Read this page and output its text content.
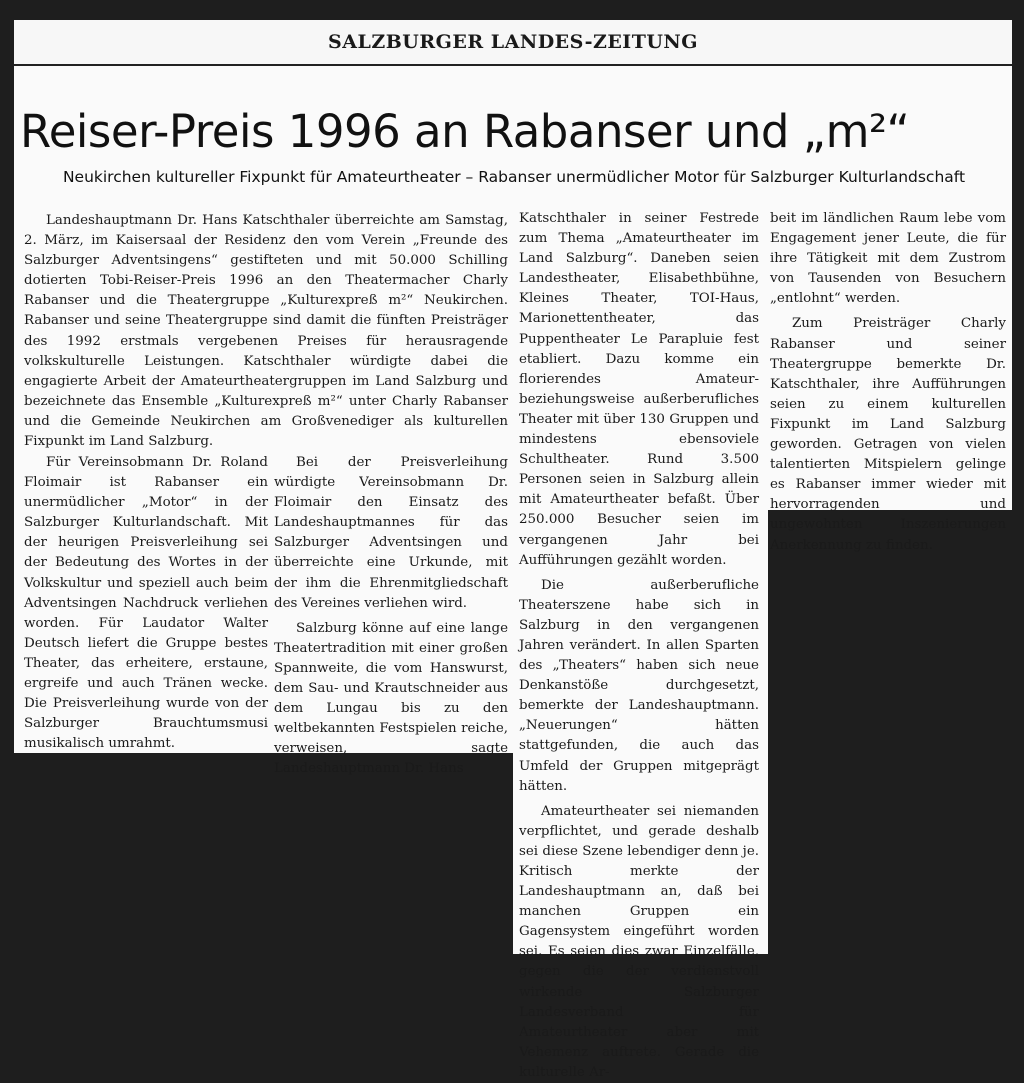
SALZBURGER LANDES-ZEITUNG
Reiser-Preis 1996 an Rabanser und „m²“
Neukirchen kultureller Fixpunkt für Amateurtheater – Rabanser unermüdlicher Motor für Salzburger Kulturlandschaft

Landeshauptmann Dr. Hans Katschthaler überreichte am Samstag, 2. März, im Kaisersaal der Residenz den vom Verein „Freunde des Salzburger Adventsingens“ gestifteten und mit 50.000 Schilling dotierten Tobi-Reiser-Preis 1996 an den Theatermacher Charly Rabanser und die Theatergruppe „Kulturexpreß m²“ Neukirchen. Rabanser und seine Theatergruppe sind damit die fünften Preisträger des 1992 erstmals vergebenen Preises für herausragende volkskulturelle Leistungen. Katschthaler würdigte dabei die engagierte Arbeit der Amateurtheatergruppen im Land Salzburg und bezeichnete das Ensemble „Kulturexpreß m²“ unter Charly Rabanser und die Gemeinde Neukirchen am Großvenediger als kulturellen Fixpunkt im Land Salzburg.

Für Vereinsobmann Dr. Roland Floimair ist Rabanser ein unermüdlicher „Motor“ in der Salzburger Kulturlandschaft. Mit der heurigen Preisverleihung sei der Bedeutung des Wortes in der Volkskultur und speziell auch beim Adventsingen Nachdruck verliehen worden. Für Laudator Walter Deutsch liefert die Gruppe bestes Theater, das erheitere, erstaune, ergreife und auch Tränen wecke. Die Preisverleihung wurde von der Salzburger Brauchtumsmusi musikalisch umrahmt.

Bei der Preisverleihung würdigte Vereinsobmann Dr. Floimair den Einsatz des Landeshauptmannes für das Salzburger Adventsingen und überreichte eine Urkunde, mit der ihm die Ehrenmitgliedschaft des Vereines verliehen wird.

Salzburg könne auf eine lange Theatertradition mit einer großen Spannweite, die vom Hanswurst, dem Sau- und Krautschneider aus dem Lungau bis zu den weltbekannten Festspielen reiche, verweisen, sagte Landeshauptmann Dr. Hans

Katschthaler in seiner Festrede zum Thema „Amateurtheater im Land Salzburg“. Daneben seien Landestheater, Elisabethbühne, Kleines Theater, TOI-Haus, Marionettentheater, das Puppentheater Le Parapluie fest etabliert. Dazu komme ein florierendes Amateur- beziehungsweise außerberufliches Theater mit über 130 Gruppen und mindestens ebensoviele Schultheater. Rund 3.500 Personen seien in Salzburg allein mit Amateurtheater befaßt. Über 250.000 Besucher seien im vergangenen Jahr bei Aufführungen gezählt worden.

Die außerberufliche Theaterszene habe sich in Salzburg in den vergangenen Jahren verändert. In allen Sparten des „Theaters“ haben sich neue Denkanstöße durchgesetzt, bemerkte der Landeshauptmann. „Neuerungen“ hätten stattgefunden, die auch das Umfeld der Gruppen mitgeprägt hätten.

Amateurtheater sei niemanden verpflichtet, und gerade deshalb sei diese Szene lebendiger denn je. Kritisch merkte der Landeshauptmann an, daß bei manchen Gruppen ein Gagensystem eingeführt worden sei. Es seien dies zwar Einzelfälle, gegen die der verdienstvoll wirkende Salzburger Landesverband für Amateurtheater aber mit Vehemenz auftrete. Gerade die kulturelle Ar-

beit im ländlichen Raum lebe vom Engagement jener Leute, die für ihre Tätigkeit mit dem Zustrom von Tausenden von Besuchern „entlohnt“ werden.

Zum Preisträger Charly Rabanser und seiner Theatergruppe bemerkte Dr. Katschthaler, ihre Aufführungen seien zu einem kulturellen Fixpunkt im Land Salzburg geworden. Getragen von vielen talentierten Mitspielern gelinge es Rabanser immer wieder mit hervorragenden und ungewohnten Inszenierungen Anerkennung zu finden.
